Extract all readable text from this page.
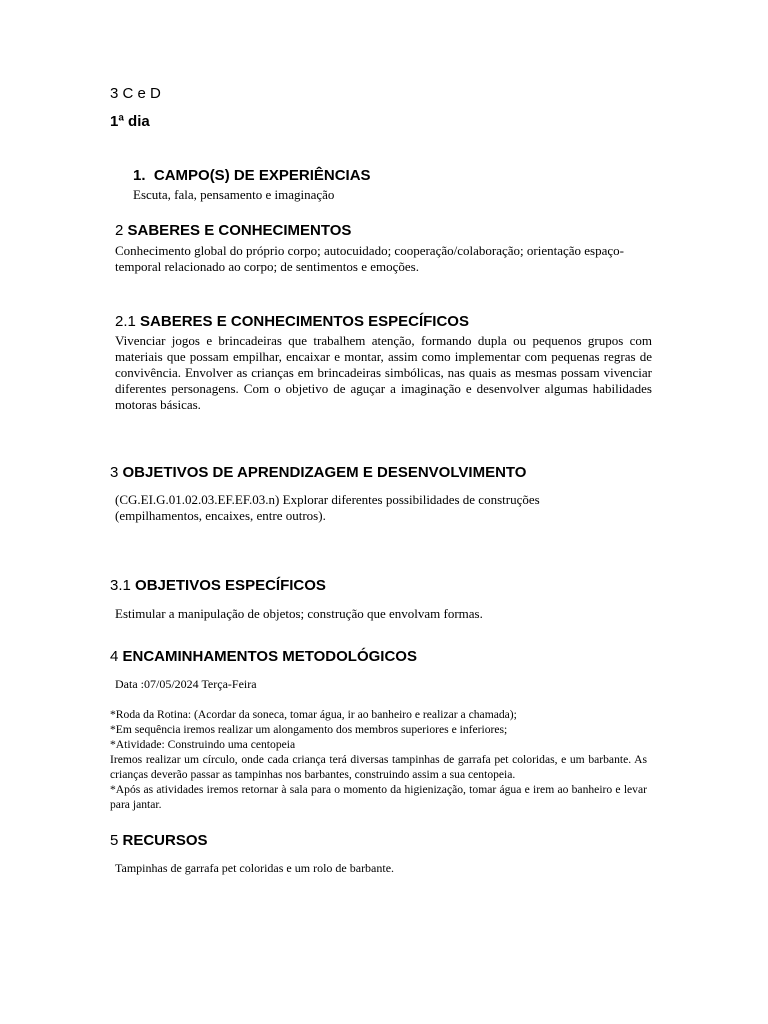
3 C e D
1ª dia
1. CAMPO(S) DE EXPERIÊNCIAS
Escuta, fala, pensamento e imaginação
2 SABERES E CONHECIMENTOS
Conhecimento global do próprio corpo; autocuidado; cooperação/colaboração; orientação espaço-temporal relacionado ao corpo; de sentimentos e emoções.
2.1 SABERES E CONHECIMENTOS ESPECÍFICOS
Vivenciar jogos e brincadeiras que trabalhem atenção, formando dupla ou pequenos grupos com materiais que possam empilhar, encaixar e montar, assim como implementar com pequenas regras de convivência. Envolver as crianças em brincadeiras simbólicas, nas quais as mesmas possam vivenciar diferentes personagens. Com o objetivo de aguçar a imaginação e desenvolver algumas habilidades motoras básicas.
3 OBJETIVOS DE APRENDIZAGEM E DESENVOLVIMENTO
(CG.EI.G.01.02.03.EF.EF.03.n) Explorar diferentes possibilidades de construções (empilhamentos, encaixes, entre outros).
3.1 OBJETIVOS ESPECÍFICOS
Estimular a manipulação de objetos; construção que envolvam formas.
4 ENCAMINHAMENTOS METODOLÓGICOS
Data :07/05/2024 Terça-Feira
*Roda da Rotina: (Acordar da soneca, tomar água, ir ao banheiro e realizar a chamada);
*Em sequência iremos realizar um alongamento dos membros superiores e inferiores;
*Atividade: Construindo uma centopeia
Iremos realizar um círculo, onde cada criança terá diversas tampinhas de garrafa pet coloridas, e um barbante. As crianças deverão passar as tampinhas nos barbantes, construindo assim a sua centopeia.
*Após as atividades iremos retornar à sala para o momento da higienização, tomar água e irem ao banheiro e levar para jantar.
5 RECURSOS
Tampinhas de garrafa pet coloridas e um rolo de barbante.
